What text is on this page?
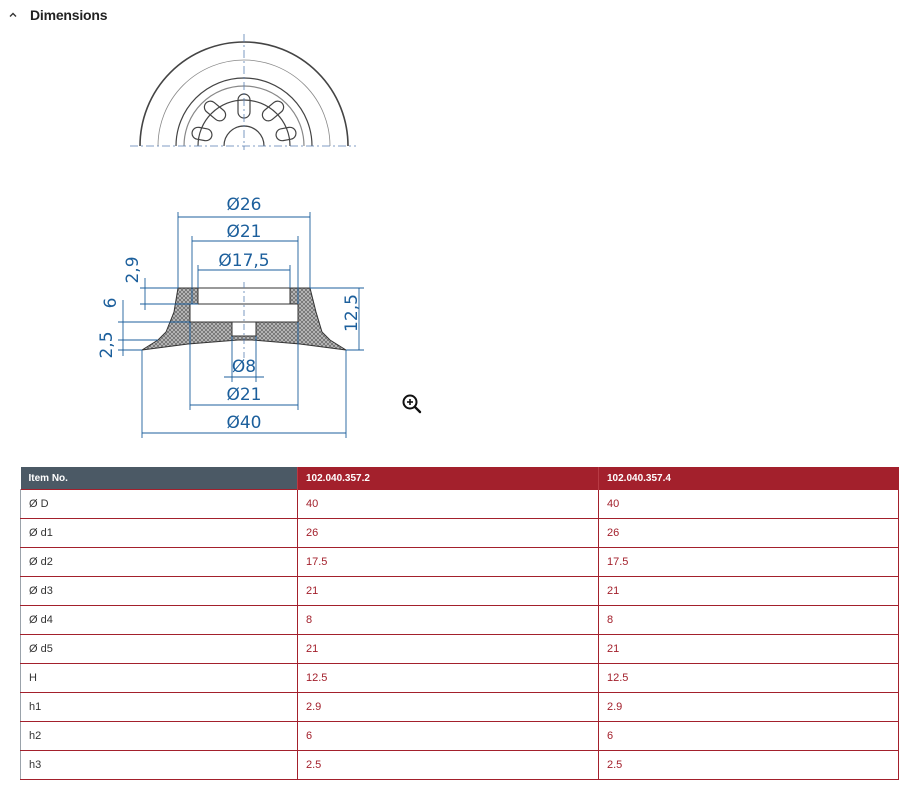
Dimensions
Ø26
Ø21
Ø17,5
Ø8
Ø21
Ø40
2,9
6
2,5
12,5
Item No.	102.040.357.2	102.040.357.4
Ø D	40	40
Ø d1	26	26
Ø d2	17.5	17.5
Ø d3	21	21
Ø d4	8	8
Ø d5	21	21
H	12.5	12.5
h1	2.9	2.9
h2	6	6
h3	2.5	2.5
